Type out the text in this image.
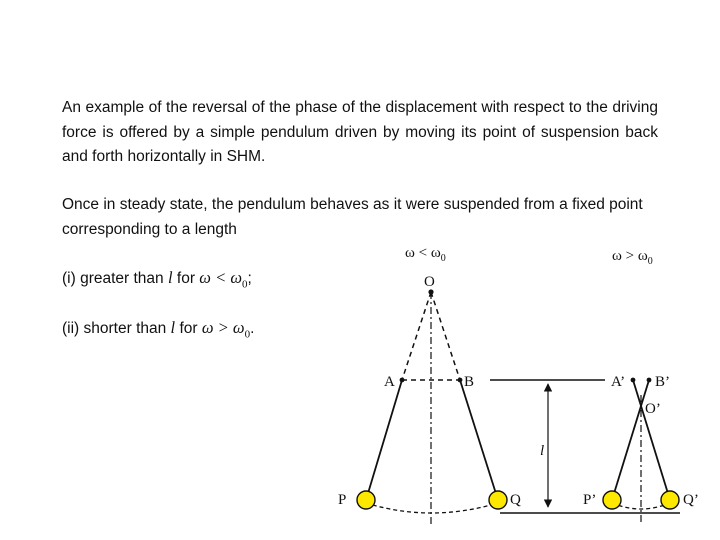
An example of the reversal of the phase of the displacement with respect to the driving force is offered by a simple pendulum driven by moving its point of suspension back and forth horizontally in SHM.

Once in steady state, the pendulum behaves as it were suspended from a fixed point corresponding to a length

(i) greater than l for $\omega < \omega_0$;
(ii) shorter than l for $\omega > \omega_0$.
$\omega < \omega_0$	$\omega > \omega_0$
O
A	B
P	Q
l
A’ B’
O’
P’	Q’
